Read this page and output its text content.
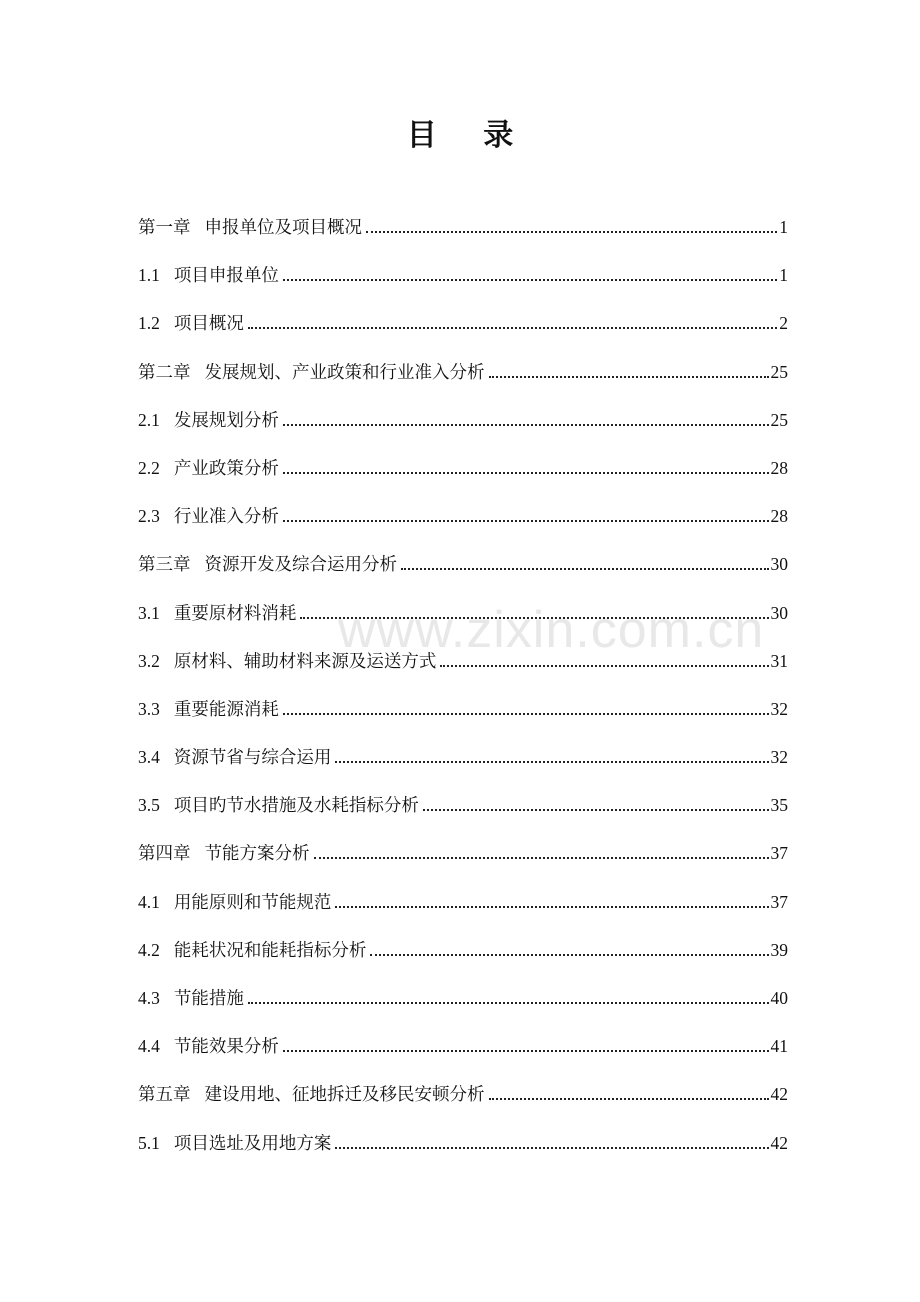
目 录
第一章 申报单位及项目概况	1
1.1 项目申报单位	1
1.2 项目概况	2
第二章 发展规划、产业政策和行业准入分析	25
2.1 发展规划分析	25
2.2 产业政策分析	28
2.3 行业准入分析	28
第三章 资源开发及综合运用分析	30
3.1 重要原材料消耗	30
3.2 原材料、辅助材料来源及运送方式	31
3.3 重要能源消耗	32
3.4 资源节省与综合运用	32
3.5 项目旳节水措施及水耗指标分析	35
第四章 节能方案分析	37
4.1 用能原则和节能规范	37
4.2 能耗状况和能耗指标分析	39
4.3 节能措施	40
4.4 节能效果分析	41
第五章 建设用地、征地拆迁及移民安顿分析	42
5.1 项目选址及用地方案	42
www.zixin.com.cn
